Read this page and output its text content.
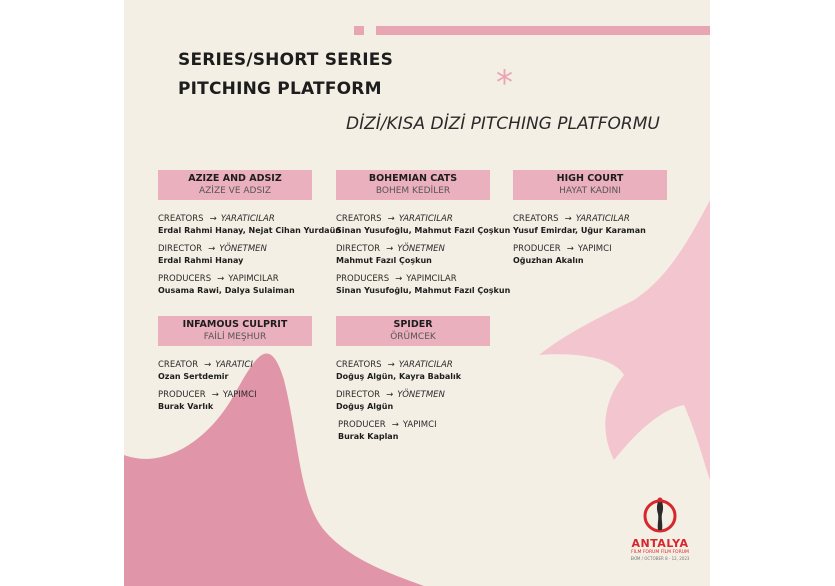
SERIES/SHORT SERIES
PITCHING PLATFORM	*
DİZİ/KISA DİZİ PITCHING PLATFORMU
AZIZE AND ADSIZ
AZİZE VE ADSIZ
CREATORS → YARATICILAR
Erdal Rahmi Hanay, Nejat Cihan Yurdaün
DIRECTOR → YÖNETMEN
Erdal Rahmi Hanay
PRODUCERS → YAPIMCILAR
Ousama Rawi, Dalya Sulaiman
BOHEMIAN CATS
BOHEM KEDİLER
CREATORS → YARATICILAR
Sinan Yusufoğlu, Mahmut Fazıl Çoşkun
DIRECTOR → YÖNETMEN
Mahmut Fazıl Çoşkun
PRODUCERS → YAPIMCILAR
Sinan Yusufoğlu, Mahmut Fazıl Çoşkun
HIGH COURT
HAYAT KADINI
CREATORS → YARATICILAR
Yusuf Emirdar, Uğur Karaman
PRODUCER → YAPIMCI
Oğuzhan Akalın
INFAMOUS CULPRIT
FAİLİ MEŞHUR
CREATOR → YARATICI
Ozan Sertdemir
PRODUCER → YAPIMCI
Burak Varlık
SPIDER
ÖRÜMCEK
CREATORS → YARATICILAR
Doğuş Algün, Kayra Babalık
DIRECTOR → YÖNETMEN
Doğuş Algün
PRODUCER → YAPIMCI
Burak Kaplan
ANTALYA
FILM FORUM FİLM FORUM
EKİM / OCTOBER 8 - 12, 2023
